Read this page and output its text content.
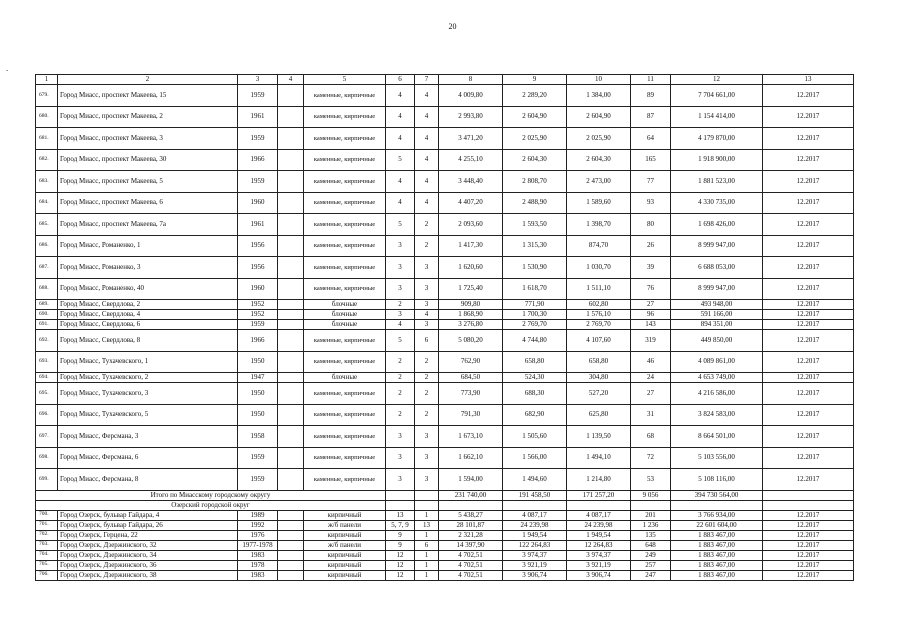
20
-
1	2	3	4	5	6	7	8	9	10	11	12	13
679.	Город Миасс, проспект Макеева, 15	1959		каменные, кирпичные	4	4	4 009,80	2 289,20	1 384,00	89	7 704 661,00	12.2017
680.	Город Миасс, проспект Макеева, 2	1961		каменные, кирпичные	4	4	2 993,80	2 604,90	2 604,90	87	1 154 414,00	12.2017
681.	Город Миасс, проспект Макеева, 3	1959		каменные, кирпичные	4	4	3 471,20	2 025,90	2 025,90	64	4 179 870,00	12.2017
682.	Город Миасс, проспект Макеева, 30	1966		каменные, кирпичные	5	4	4 255,10	2 604,30	2 604,30	165	1 918 900,00	12.2017
683.	Город Миасс, проспект Макеева, 5	1959		каменные, кирпичные	4	4	3 448,40	2 808,70	2 473,00	77	1 881 523,00	12.2017
684.	Город Миасс, проспект Макеева, 6	1960		каменные, кирпичные	4	4	4 407,20	2 488,90	1 589,60	93	4 330 735,00	12.2017
685.	Город Миасс, проспект Макеева, 7а	1961		каменные, кирпичные	5	2	2 093,60	1 593,50	1 398,70	80	1 698 426,00	12.2017
686.	Город Миасс, Романенко, 1	1956		каменные, кирпичные	3	2	1 417,30	1 315,30	874,70	26	8 999 947,00	12.2017
687.	Город Миасс, Романенко, 3	1956		каменные, кирпичные	3	3	1 620,60	1 530,90	1 030,70	39	6 688 053,00	12.2017
688.	Город Миасс, Романенко, 40	1960		каменные, кирпичные	3	3	1 725,40	1 618,70	1 511,10	76	8 999 947,00	12.2017
689.	Город Миасс, Свердлова, 2	1952		блочные	2	3	909,80	771,90	602,80	27	493 948,00	12.2017
690.	Город Миасс, Свердлова, 4	1952		блочные	3	4	1 868,90	1 700,30	1 576,10	96	591 166,00	12.2017
691.	Город Миасс, Свердлова, 6	1959		блочные	4	3	3 276,80	2 769,70	2 769,70	143	894 351,00	12.2017
692.	Город Миасс, Свердлова, 8	1966		каменные, кирпичные	5	6	5 080,20	4 744,80	4 107,60	319	449 850,00	12.2017
693.	Город Миасс, Тухачевского, 1	1950		каменные, кирпичные	2	2	762,90	658,80	658,80	46	4 089 861,00	12.2017
694.	Город Миасс, Тухачевского, 2	1947		блочные	2	2	684,50	524,30	304,80	24	4 653 749,00	12.2017
695.	Город Миасс, Тухачевского, 3	1950		каменные, кирпичные	2	2	773,90	688,30	527,20	27	4 216 586,00	12.2017
696.	Город Миасс, Тухачевского, 5	1950		каменные, кирпичные	2	2	791,30	682,90	625,80	31	3 824 583,00	12.2017
697.	Город Миасс, Ферсмана, 3	1958		каменные, кирпичные	3	3	1 673,10	1 505,60	1 139,50	68	8 664 501,00	12.2017
698.	Город Миасс, Ферсмана, 6	1959		каменные, кирпичные	3	3	1 662,10	1 566,00	1 494,10	72	5 103 556,00	12.2017
699.	Город Миасс, Ферсмана, 8	1959		каменные, кирпичные	3	3	1 594,00	1 494,60	1 214,80	53	5 108 116,00	12.2017
Итого по Миасскому городскому округу							231 740,00	191 458,50	171 257,20	9 056	394 730 564,00	
Озерский городской округ												
700.	Город Озерск, бульвар Гайдара, 4	1989		кирпичный	13	1	5 438,27	4 087,17	4 087,17	201	3 766 934,00	12.2017
701.	Город Озерск, бульвар Гайдара, 26	1992		ж/б панели	5, 7, 9	13	28 101,87	24 239,98	24 239,98	1 236	22 601 604,00	12.2017
702.	Город Озерск, Герцена, 22	1976		кирпичный	9	1	2 321,28	1 949,54	1 949,54	135	1 883 467,00	12.2017
703.	Город Озерск, Дзержинского, 32	1977-1978		ж/б панели	9	6	14 397,90	122 264,83	12 264,83	648	1 883 467,00	12.2017
704.	Город Озерск, Дзержинского, 34	1983		кирпичный	12	1	4 702,51	3 974,37	3 974,37	249	1 883 467,00	12.2017
705.	Город Озерск, Дзержинского, 36	1978		кирпичный	12	1	4 702,51	3 921,19	3 921,19	257	1 883 467,00	12.2017
706.	Город Озерск, Дзержинского, 38	1983		кирпичный	12	1	4 702,51	3 906,74	3 906,74	247	1 883 467,00	12.2017
